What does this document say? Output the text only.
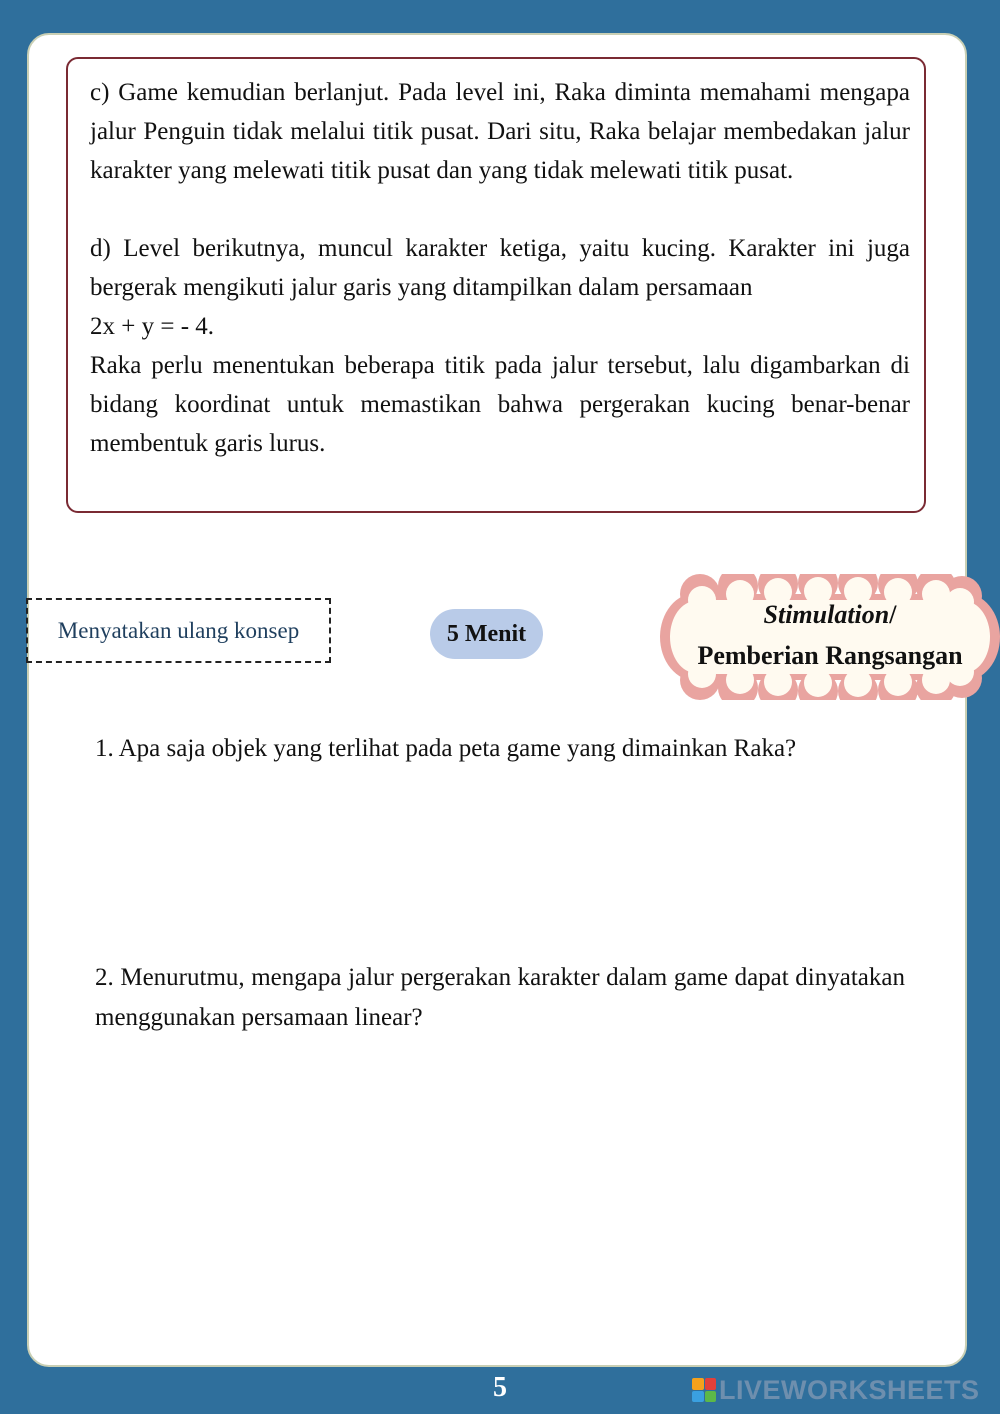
c) Game kemudian berlanjut. Pada level ini, Raka diminta memahami mengapa jalur Penguin tidak melalui titik pusat. Dari situ, Raka belajar membedakan jalur karakter yang melewati titik pusat dan yang tidak melewati titik pusat.

d) Level berikutnya, muncul karakter ketiga, yaitu kucing. Karakter ini juga bergerak mengikuti jalur garis yang ditampilkan dalam persamaan

2x + y = - 4.

Raka perlu menentukan beberapa titik pada jalur tersebut, lalu digambarkan di bidang koordinat untuk memastikan bahwa pergerakan kucing benar-benar membentuk garis lurus.

Menyatakan ulang konsep	5 Menit
Stimulation/
Pemberian Rangsangan
1. Apa saja objek yang terlihat pada peta game yang dimainkan Raka?
2. Menurutmu, mengapa jalur pergerakan karakter dalam game dapat dinyatakan menggunakan persamaan linear?
5	LIVEWORKSHEETS
